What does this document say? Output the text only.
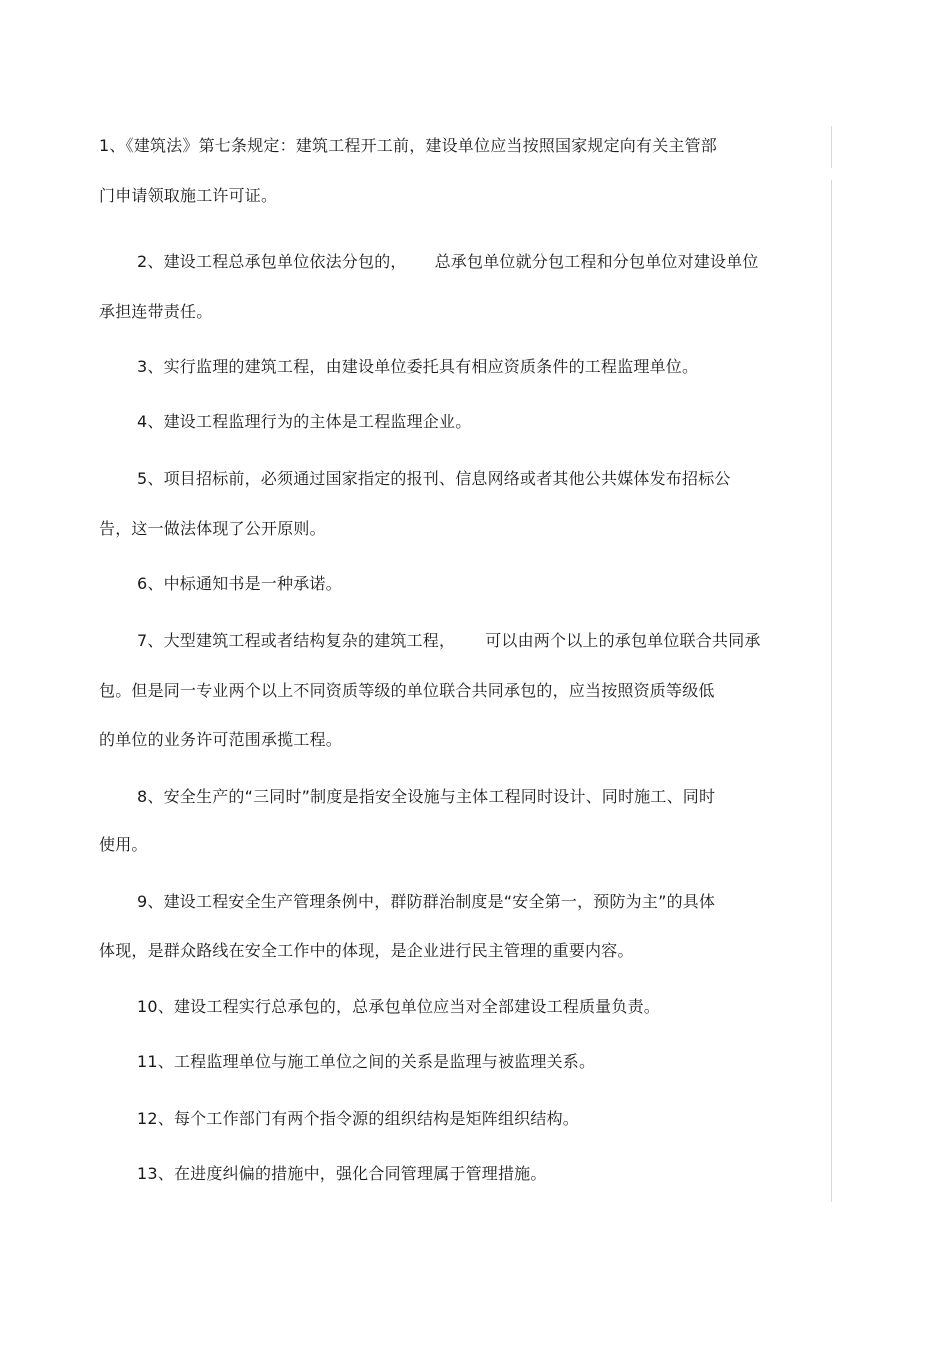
1、《建筑法》第七条规定：建筑工程开工前，建设单位应当按照国家规定向有关主管部
门申请领取施工许可证。
2、建设工程总承包单位依法分包的， 总承包单位就分包工程和分包单位对建设单位
承担连带责任。
3、实行监理的建筑工程，由建设单位委托具有相应资质条件的工程监理单位。
4、建设工程监理行为的主体是工程监理企业。
5、项目招标前，必须通过国家指定的报刊、信息网络或者其他公共媒体发布招标公
告，这一做法体现了公开原则。
6、中标通知书是一种承诺。
7、大型建筑工程或者结构复杂的建筑工程， 可以由两个以上的承包单位联合共同承
包。但是同一专业两个以上不同资质等级的单位联合共同承包的，应当按照资质等级低
的单位的业务许可范围承揽工程。
8、安全生产的“三同时”制度是指安全设施与主体工程同时设计、同时施工、同时
使用。
9、建设工程安全生产管理条例中，群防群治制度是“安全第一，预防为主”的具体
体现，是群众路线在安全工作中的体现，是企业进行民主管理的重要内容。
10、建设工程实行总承包的，总承包单位应当对全部建设工程质量负责。
11、工程监理单位与施工单位之间的关系是监理与被监理关系。
12、每个工作部门有两个指令源的组织结构是矩阵组织结构。
13、在进度纠偏的措施中，强化合同管理属于管理措施。
